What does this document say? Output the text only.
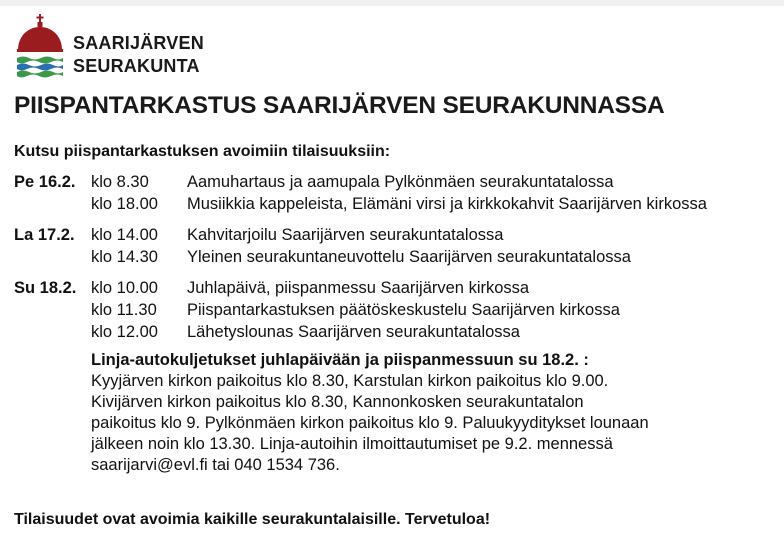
SAARIJÄRVEN
SEURAKUNTA
PIISPANTARKASTUS SAARIJÄRVEN SEURAKUNNASSA
Kutsu piispantarkastuksen avoimiin tilaisuuksiin:
Pe 16.2. klo 8.30 Aamuhartaus ja aamupala Pylkönmäen seurakuntatalossa
klo 18.00 Musiikkia kappeleista, Elämäni virsi ja kirkkokahvit Saarijärven kirkossa
La 17.2. klo 14.00 Kahvitarjoilu Saarijärven seurakuntatalossa
klo 14.30 Yleinen seurakuntaneuvottelu Saarijärven seurakuntatalossa
Su 18.2. klo 10.00 Juhlapäivä, piispanmessu Saarijärven kirkossa
klo 11.30 Piispantarkastuksen päätöskeskustelu Saarijärven kirkossa
klo 12.00 Lähetyslounas Saarijärven seurakuntatalossa
Linja-autokuljetukset juhlapäivään ja piispanmessuun su 18.2. :
Kyyjärven kirkon paikoitus klo 8.30, Karstulan kirkon paikoitus klo 9.00.
Kivijärven kirkon paikoitus klo 8.30, Kannonkosken seurakuntatalon
paikoitus klo 9. Pylkönmäen kirkon paikoitus klo 9. Paluukyyditykset lounaan
jälkeen noin klo 13.30. Linja-autoihin ilmoittautumiset pe 9.2. mennessä
saarijarvi@evl.fi tai 040 1534 736.
Tilaisuudet ovat avoimia kaikille seurakuntalaisille. Tervetuloa!
